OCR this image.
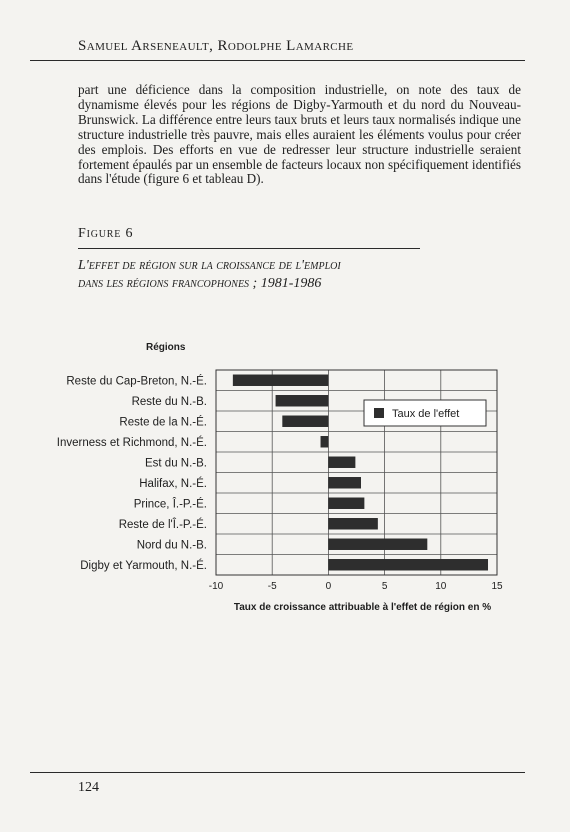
Samuel Arseneault, Rodolphe Lamarche

part une déficience dans la composition industrielle, on note des taux de dynamisme élevés pour les régions de Digby-Yarmouth et du nord du Nouveau-Brunswick. La différence entre leurs taux bruts et leurs taux normalisés indique une structure industrielle très pauvre, mais elles auraient les éléments voulus pour créer des emplois. Des efforts en vue de redresser leur structure industrielle seraient fortement épaulés par un ensemble de facteurs locaux non spécifiquement identifiés dans l'étude (figure 6 et tableau D).

Figure 6
L'effet de région sur la croissance de l'emploi
dans les régions francophones ; 1981-1986
Régions
Reste du Cap-Breton, N.-É.
Reste du N.-B.
Reste de la N.-É.
Inverness et Richmond, N.-É.
Est du N.-B.
Halifax, N.-É.
Prince, Î.-P.-É.
Reste de l'Î.-P.-É.
Nord du N.-B.
Digby et Yarmouth, N.-É.
-10	-5	0	5	10	15
Taux de l'effet
Taux de croissance attribuable à l'effet de région en %
124
